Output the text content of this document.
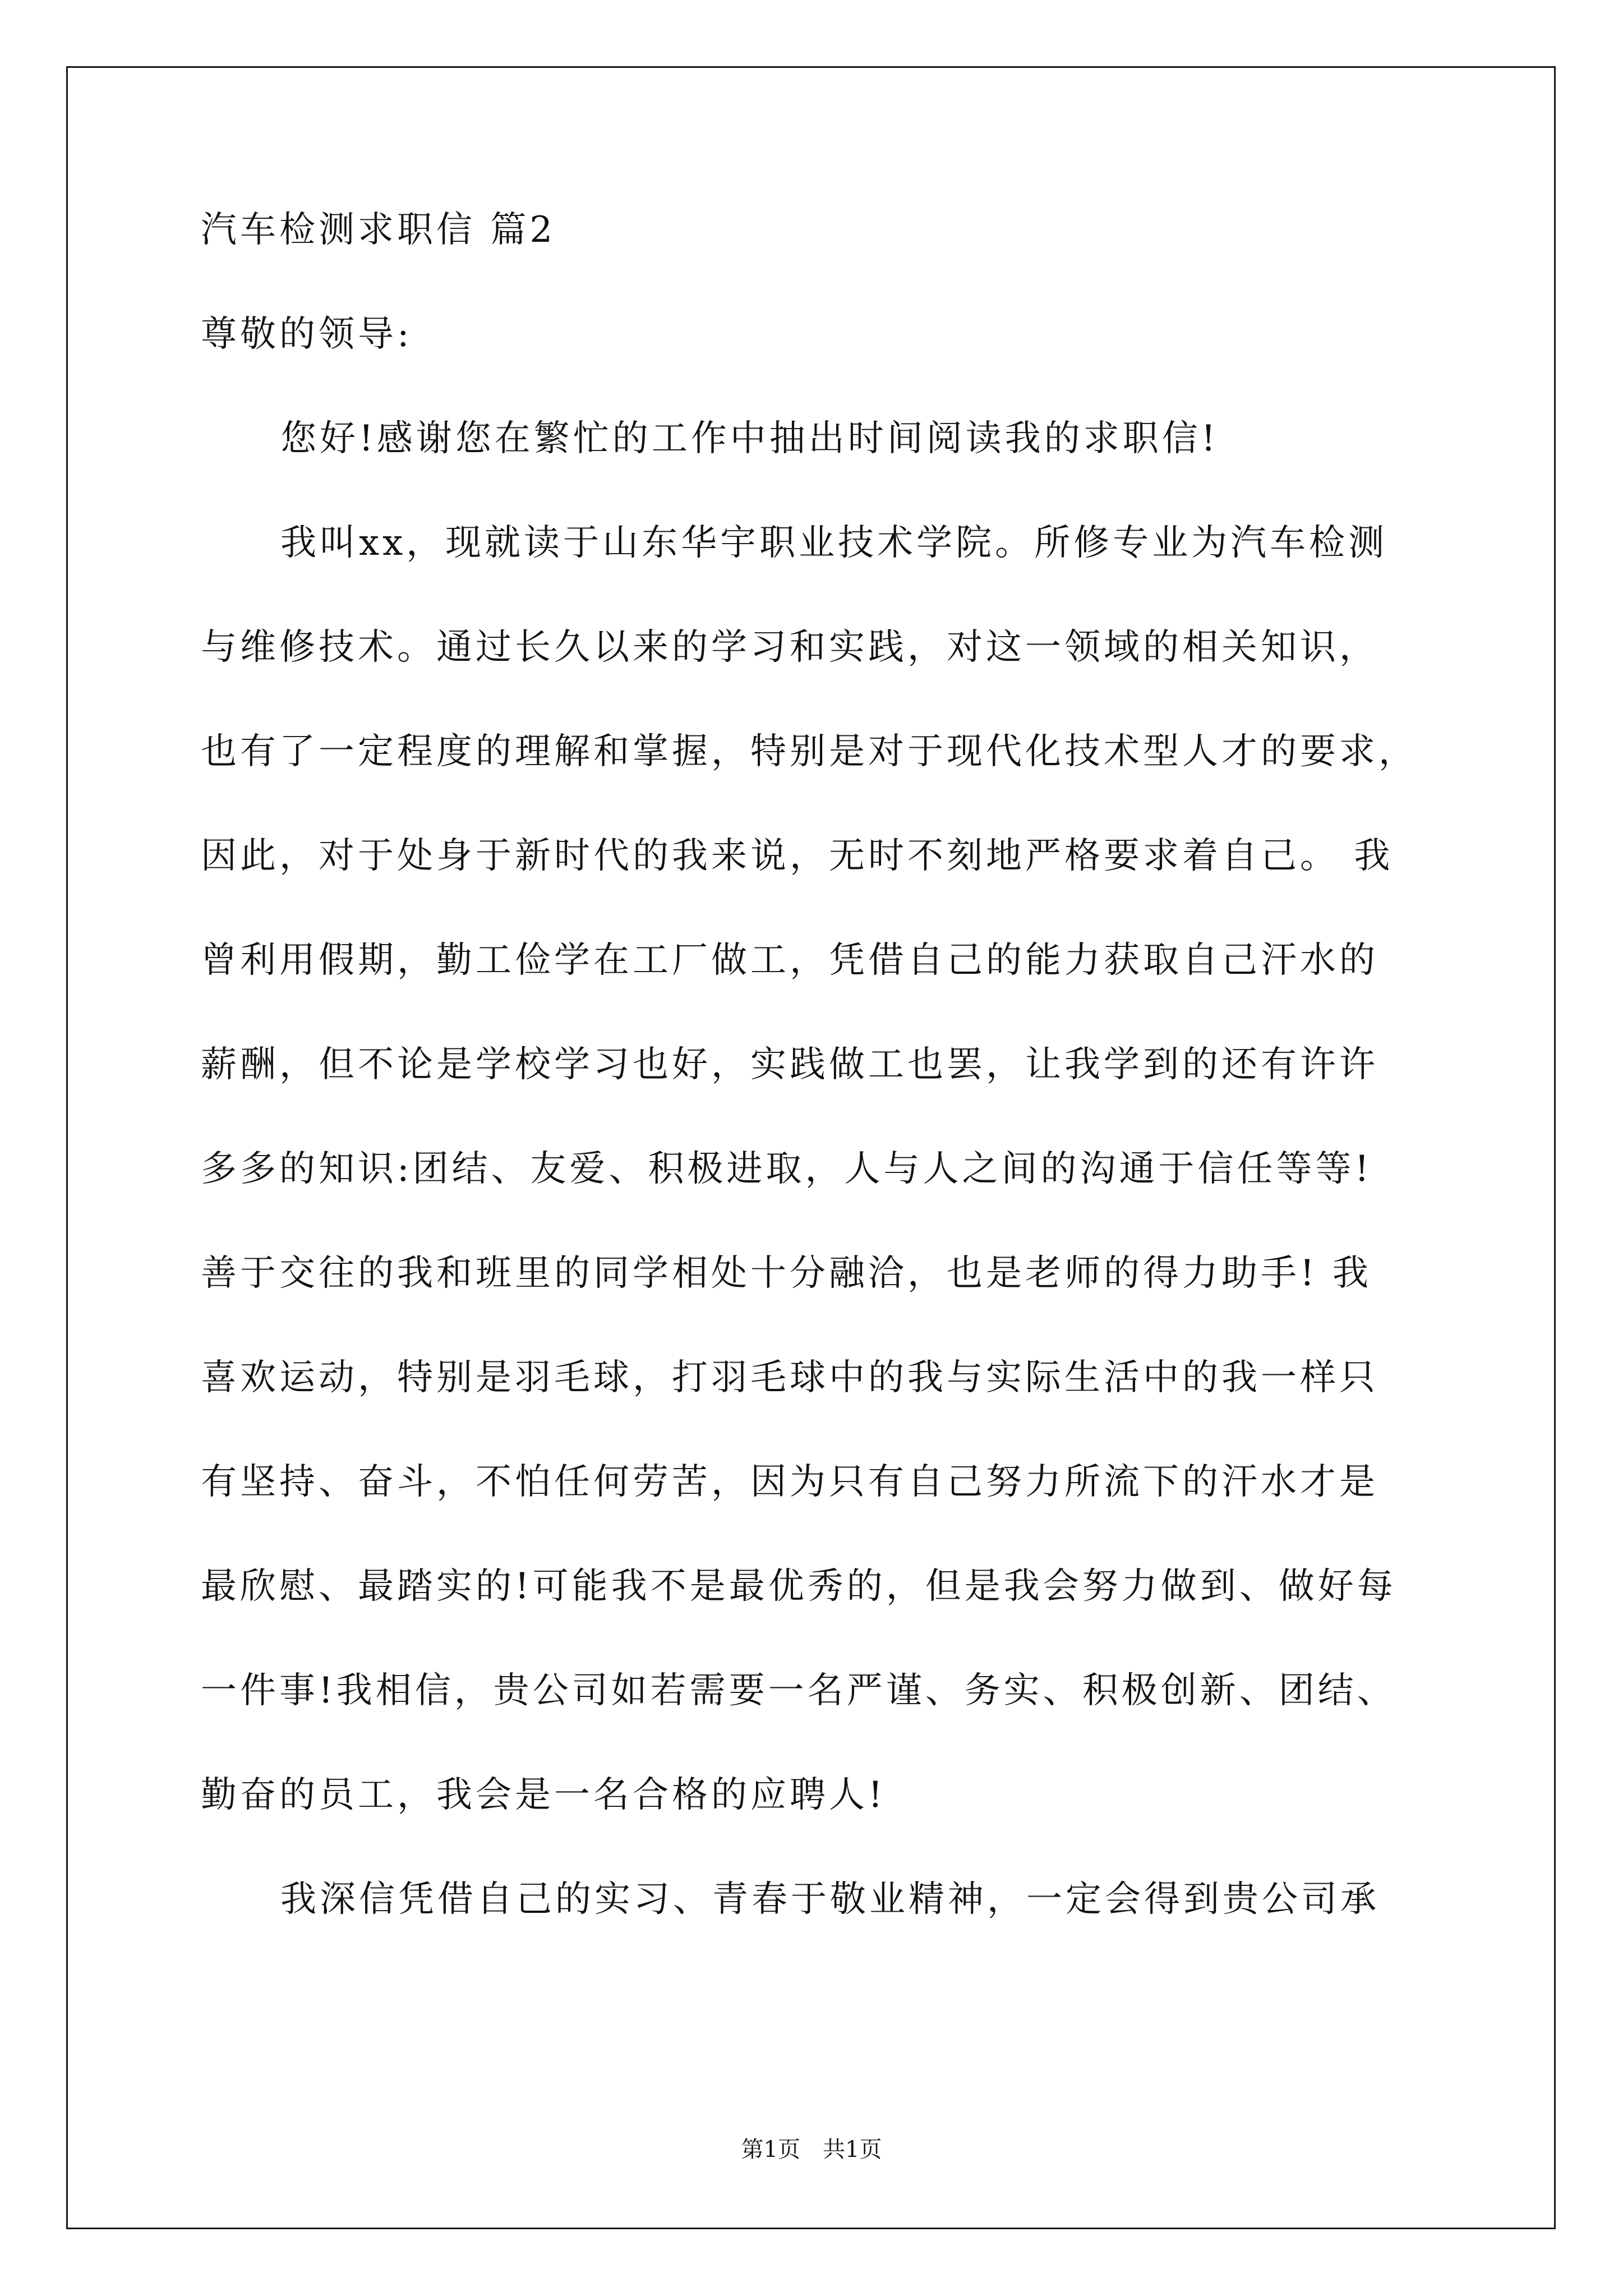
汽车检测求职信 篇2
尊敬的领导:
您好!感谢您在繁忙的工作中抽出时间阅读我的求职信!
我叫xx，现就读于山东华宇职业技术学院。所修专业为汽车检测
与维修技术。通过长久以来的学习和实践，对这一领域的相关知识，
也有了一定程度的理解和掌握，特别是对于现代化技术型人才的要求，
因此，对于处身于新时代的我来说，无时不刻地严格要求着自己。 我
曾利用假期，勤工俭学在工厂做工，凭借自己的能力获取自己汗水的
薪酬，但不论是学校学习也好，实践做工也罢，让我学到的还有许许
多多的知识:团结、友爱、积极进取，人与人之间的沟通于信任等等!
善于交往的我和班里的同学相处十分融洽，也是老师的得力助手! 我
喜欢运动，特别是羽毛球，打羽毛球中的我与实际生活中的我一样只
有坚持、奋斗，不怕任何劳苦，因为只有自己努力所流下的汗水才是
最欣慰、最踏实的!可能我不是最优秀的，但是我会努力做到、做好每
一件事!我相信，贵公司如若需要一名严谨、务实、积极创新、团结、
勤奋的员工，我会是一名合格的应聘人!
我深信凭借自己的实习、青春于敬业精神，一定会得到贵公司承
第1页　共1页
